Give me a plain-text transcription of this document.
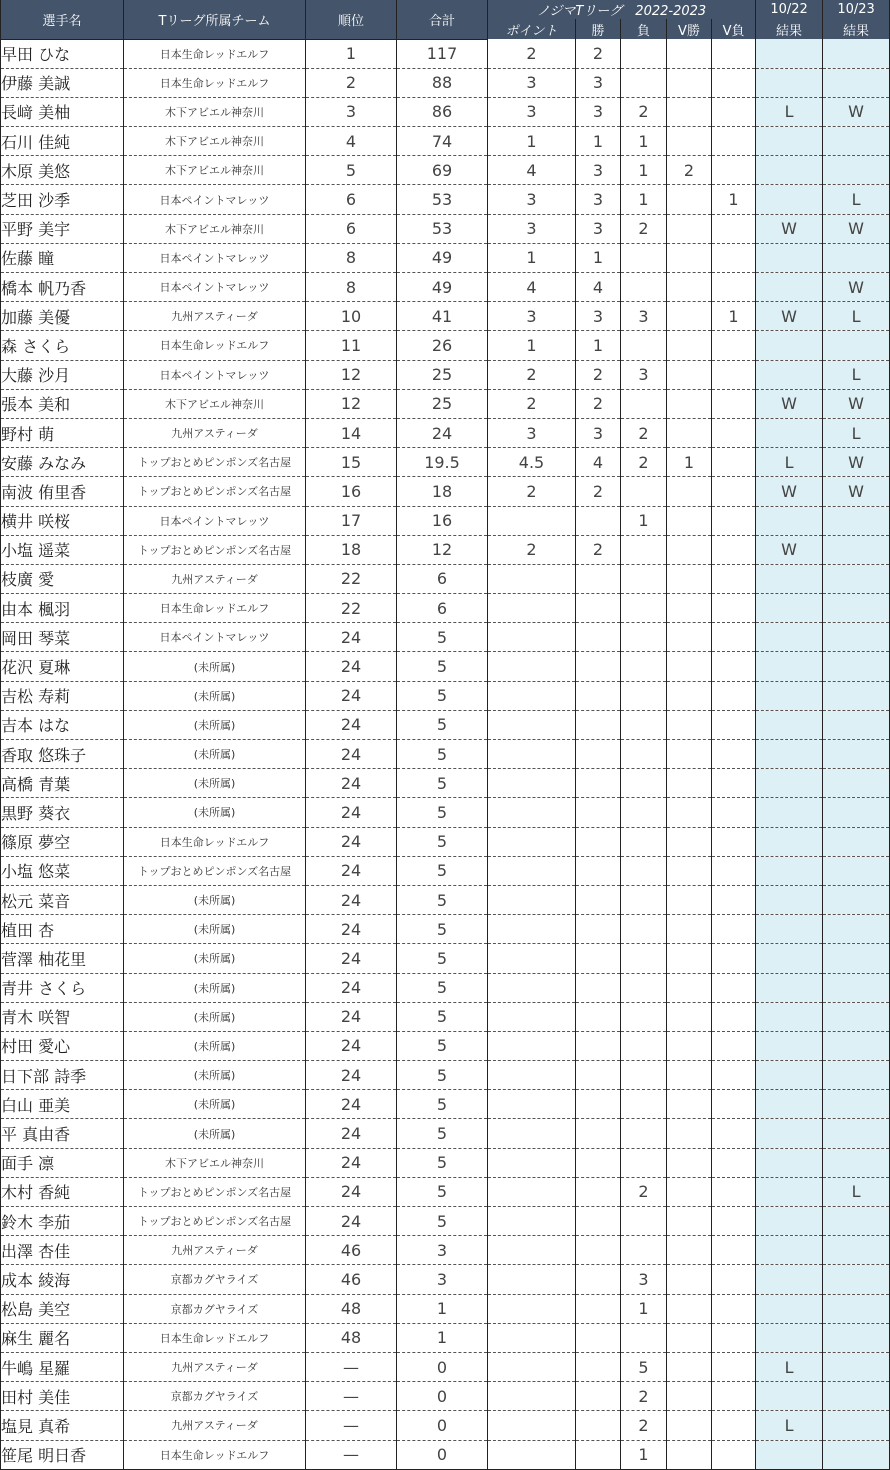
選手名	Tリーグ所属チーム	順位	合計	ノジマTリーグ　2022-2023					10/22	10/23
				ポイント	勝	負	V勝	V負	結果	結果
早田 ひな	日本生命レッドエルフ	1	117	2	2					
伊藤 美誠	日本生命レッドエルフ	2	88	3	3					
長﨑 美柚	木下アビエル神奈川	3	86	3	3	2			L	W
石川 佳純	木下アビエル神奈川	4	74	1	1	1				
木原 美悠	木下アビエル神奈川	5	69	4	3	1	2			
芝田 沙季	日本ペイントマレッツ	6	53	3	3	1		1		L
平野 美宇	木下アビエル神奈川	6	53	3	3	2			W	W
佐藤 瞳	日本ペイントマレッツ	8	49	1	1					
橋本 帆乃香	日本ペイントマレッツ	8	49	4	4					W
加藤 美優	九州アスティーダ	10	41	3	3	3		1	W	L
森 さくら	日本生命レッドエルフ	11	26	1	1					
大藤 沙月	日本ペイントマレッツ	12	25	2	2	3				L
張本 美和	木下アビエル神奈川	12	25	2	2				W	W
野村 萌	九州アスティーダ	14	24	3	3	2				L
安藤 みなみ	トップおとめピンポンズ名古屋	15	19.5	4.5	4	2	1		L	W
南波 侑里香	トップおとめピンポンズ名古屋	16	18	2	2				W	W
横井 咲桜	日本ペイントマレッツ	17	16			1				
小塩 遥菜	トップおとめピンポンズ名古屋	18	12	2	2				W	
枝廣 愛	九州アスティーダ	22	6							
由本 楓羽	日本生命レッドエルフ	22	6							
岡田 琴菜	日本ペイントマレッツ	24	5							
花沢 夏琳	(未所属)	24	5							
吉松 寿莉	(未所属)	24	5							
吉本 はな	(未所属)	24	5							
香取 悠珠子	(未所属)	24	5							
高橋 青葉	(未所属)	24	5							
黒野 葵衣	(未所属)	24	5							
篠原 夢空	日本生命レッドエルフ	24	5							
小塩 悠菜	トップおとめピンポンズ名古屋	24	5							
松元 菜音	(未所属)	24	5							
植田 杏	(未所属)	24	5							
菅澤 柚花里	(未所属)	24	5							
青井 さくら	(未所属)	24	5							
青木 咲智	(未所属)	24	5							
村田 愛心	(未所属)	24	5							
日下部 詩季	(未所属)	24	5							
白山 亜美	(未所属)	24	5							
平 真由香	(未所属)	24	5							
面手 凛	木下アビエル神奈川	24	5							
木村 香純	トップおとめピンポンズ名古屋	24	5			2				L
鈴木 李茄	トップおとめピンポンズ名古屋	24	5							
出澤 杏佳	九州アスティーダ	46	3							
成本 綾海	京都カグヤライズ	46	3			3				
松島 美空	京都カグヤライズ	48	1			1				
麻生 麗名	日本生命レッドエルフ	48	1							
牛嶋 星羅	九州アスティーダ	—	0			5			L	
田村 美佳	京都カグヤライズ	—	0			2				
塩見 真希	九州アスティーダ	—	0			2			L	
笹尾 明日香	日本生命レッドエルフ	—	0			1				
